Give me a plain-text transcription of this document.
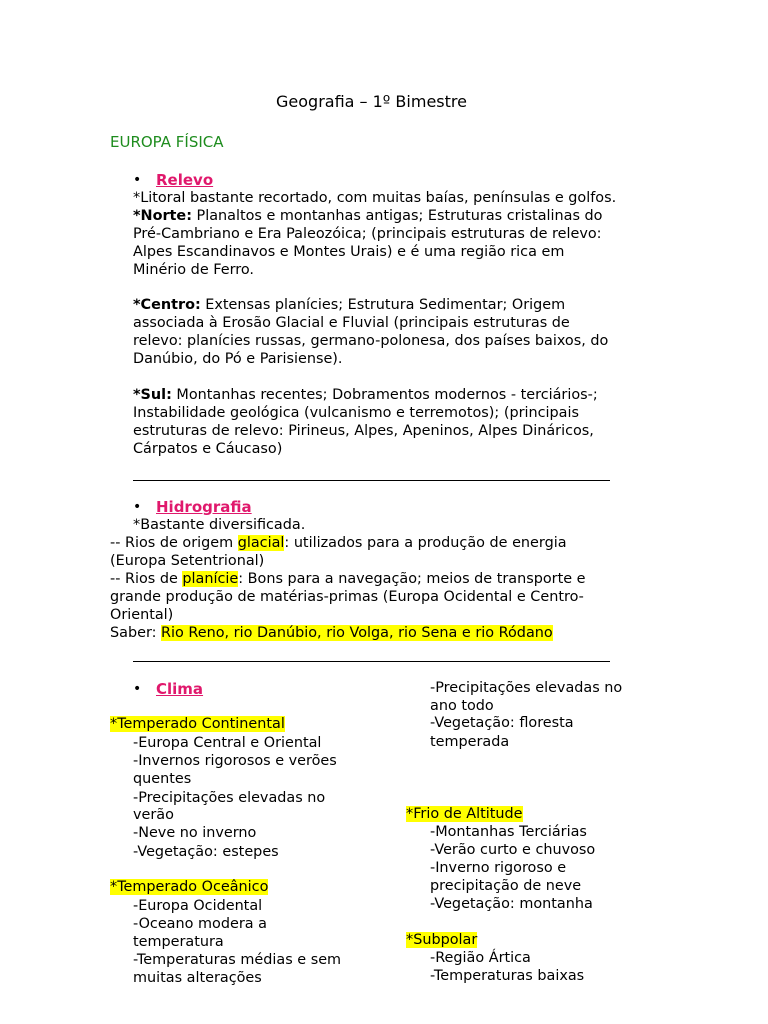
Geografia – 1º Bimestre
EUROPA FÍSICA
• Relevo
*Litoral bastante recortado, com muitas baías, penínsulas e golfos.
*Norte: Planaltos e montanhas antigas; Estruturas cristalinas do
Pré-Cambriano e Era Paleozóica; (principais estruturas de relevo:
Alpes Escandinavos e Montes Urais) e é uma região rica em
Minério de Ferro.
*Centro: Extensas planícies; Estrutura Sedimentar; Origem
associada à Erosão Glacial e Fluvial (principais estruturas de
relevo: planícies russas, germano-polonesa, dos países baixos, do
Danúbio, do Pó e Parisiense).
*Sul: Montanhas recentes; Dobramentos modernos - terciários-;
Instabilidade geológica (vulcanismo e terremotos); (principais
estruturas de relevo: Pirineus, Alpes, Apeninos, Alpes Dináricos,
Cárpatos e Cáucaso)
• Hidrografia
*Bastante diversificada.
-- Rios de origem glacial: utilizados para a produção de energia
(Europa Setentrional)
-- Rios de planície: Bons para a navegação; meios de transporte e
grande produção de matérias-primas (Europa Ocidental e Centro-
Oriental)
Saber: Rio Reno, rio Danúbio, rio Volga, rio Sena e rio Ródano
• Clima
*Temperado Continental
-Europa Central e Oriental
-Invernos rigorosos e verões
quentes
-Precipitações elevadas no
verão
-Neve no inverno
-Vegetação: estepes
*Temperado Oceânico
-Europa Ocidental
-Oceano modera a
temperatura
-Temperaturas médias e sem
muitas alterações
-Precipitações elevadas no
ano todo
-Vegetação: floresta
temperada
*Frio de Altitude
-Montanhas Terciárias
-Verão curto e chuvoso
-Inverno rigoroso e
precipitação de neve
-Vegetação: montanha
*Subpolar
-Região Ártica
-Temperaturas baixas
